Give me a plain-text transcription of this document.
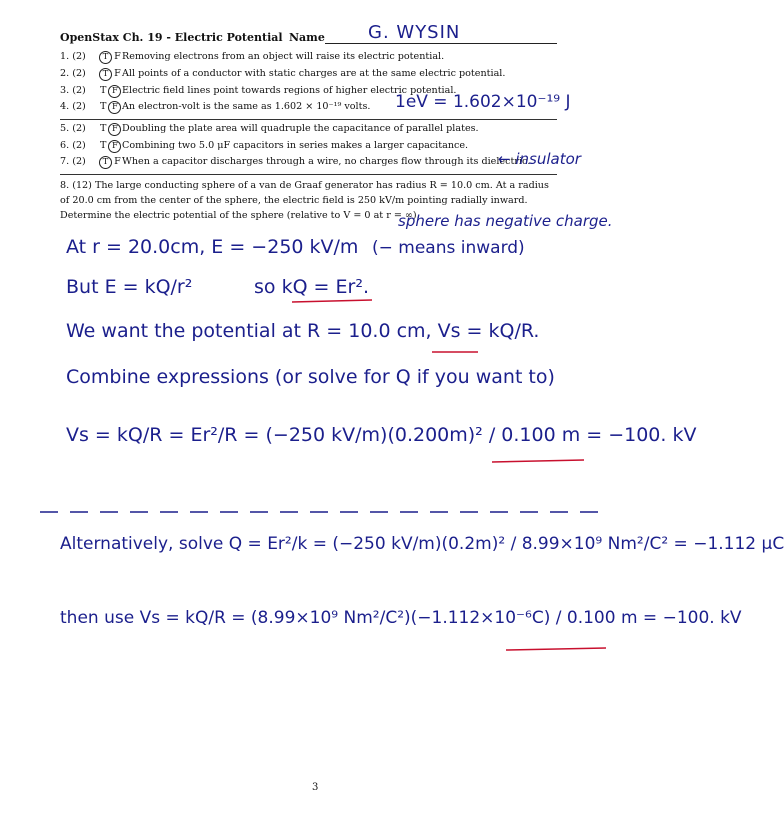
OpenStax Ch. 19 - Electric Potential Name G. WYSIN
1. (2) T FRemoving electrons from an object will raise its electric potential.
2. (2) T FAll points of a conductor with static charges are at the same electric potential.
3. (2) T F Electric field lines point towards regions of higher electric potential.
4. (2) T F An electron-volt is the same as 1.602 × 10⁻¹⁹ volts.
5. (2) T F Doubling the plate area will quadruple the capacitance of parallel plates.
6. (2) T F Combining two 5.0 μF capacitors in series makes a larger capacitance.
7. (2) T FWhen a capacitor discharges through a wire, no charges flow through its dielectric.
1eV = 1.602×10⁻¹⁹ J
← insulator
8. (12) The large conducting sphere of a van de Graaf generator has radius R = 10.0 cm. At a radius of 20.0 cm from the center of the sphere, the electric field is 250 kV/m pointing radially inward. Determine the electric potential of the sphere (relative to V = 0 at r = ∞).
sphere has negative charge.
At r = 20.0cm, E = −250 kV/m (− means inward)
But E = kQ/r²	so kQ = Er².
We want the potential at R = 10.0 cm, Vs = kQ/R.
Combine expressions (or solve for Q if you want to)
Vs = kQ/R = Er²/R = (−250 kV/m)(0.200m)² / 0.100 m = −100. kV
Alternatively, solve Q = Er²/k = (−250 kV/m)(0.2m)² / 8.99×10⁹ Nm²/C² = −1.112 μC
then use Vs = kQ/R = (8.99×10⁹ Nm²/C²)(−1.112×10⁻⁶C) / 0.100 m = −100. kV
3
